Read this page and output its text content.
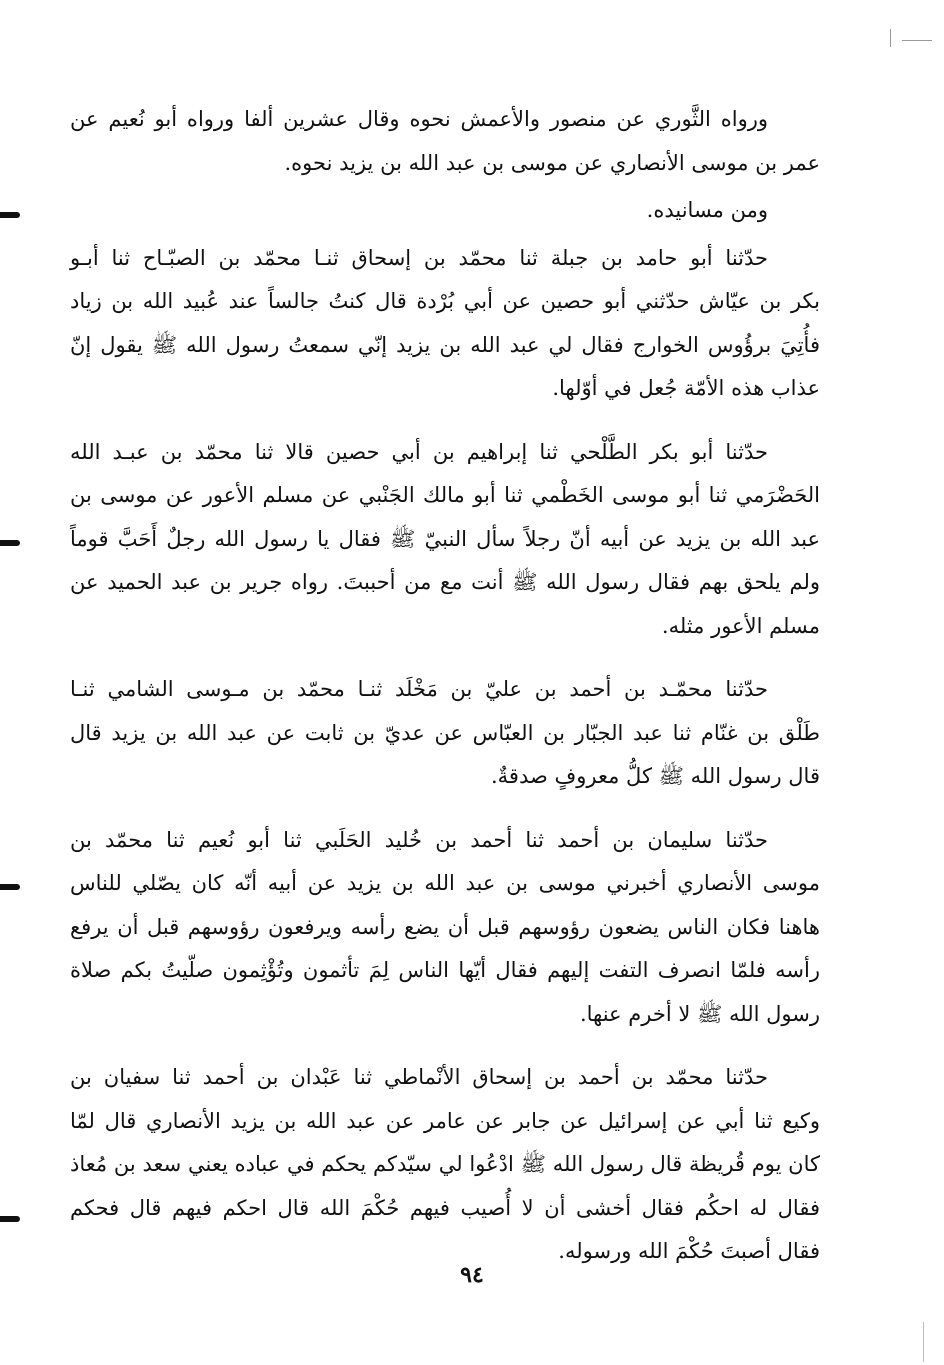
ورواه الثَّوري عن منصور والأعمش نحوه وقال عشرين ألفا ورواه أبو نُعيم عن
عمر بن موسى الأنصاري عن موسى بن عبد الله بن يزيد نحوه.

ومن مسانيده.

حدّثنا أبو حامد بن جبلة ثنا محمّد بن إسحاق ثنـا محمّد بن الصبّـاح ثنا أبـو
بكر بن عيّاش حدّثني أبو حصين عن أبي بُرْدة قال كنتُ جالساً عند عُبيد الله بن زياد
فأُتِيَ برؤُوس الخوارج فقال لي عبد الله بن يزيد إنّي سمعتُ رسول الله ﷺ يقول إنّ
عذاب هذه الأمّة جُعل في أوّلها.

حدّثنا أبو بكر الطَّلْحي ثنا إبراهيم بن أبي حصين قالا ثنا محمّد بن عبـد الله
الحَضْرَمي ثنا أبو موسى الخَطْمي ثنا أبو مالك الجَنْبي عن مسلم الأعور عن موسى بن
عبد الله بن يزيد عن أبيه أنّ رجلاً سأل النبيّ ﷺ فقال يا رسول الله رجلٌ أَحَبَّ قوماً
ولم يلحق بهم فقال رسول الله ﷺ أنت مع من أحببتَ. رواه جرير بن عبد الحميد عن
مسلم الأعور مثله.

حدّثنا محمّـد بن أحمد بن عليّ بن مَخْلَد ثنـا محمّد بن مـوسى الشامي ثنـا
طَلْق بن غنّام ثنا عبد الجبّار بن العبّاس عن عديّ بن ثابت عن عبد الله بن يزيد قال
قال رسول الله ﷺ كلُّ معروفٍ صدقةٌ.

حدّثنا سليمان بن أحمد ثنا أحمد بن خُليد الحَلَبي ثنا أبو نُعيم ثنا محمّد بن
موسى الأنصاري أخبرني موسى بن عبد الله بن يزيد عن أبيه أنّه كان يصّلي للناس
هاهنا فكان الناس يضعون رؤوسهم قبل أن يضع رأسه ويرفعون رؤوسهم قبل أن يرفع
رأسه فلمّا انصرف التفت إليهم فقال أيّها الناس لِمَ تأثمون وتُؤْثِمون صلّيتُ بكم صلاة
رسول الله ﷺ لا أخرم عنها.

حدّثنا محمّد بن أحمد بن إسحاق الأنْماطي ثنا عَبْدان بن أحمد ثنا سفيان بن
وكيع ثنا أبي عن إسرائيل عن جابر عن عامر عن عبد الله بن يزيد الأنصاري قال لمّا
كان يوم قُريظة قال رسول الله ﷺ ادْعُوا لي سيّدكم يحكم في عباده يعني سعد بن مُعاذ
فقال له احكُم فقال أخشى أن لا أُصيب فيهم حُكْمَ الله قال احكم فيهم قال فحكم
فقال أصبتَ حُكْمَ الله ورسوله.

٩٤
